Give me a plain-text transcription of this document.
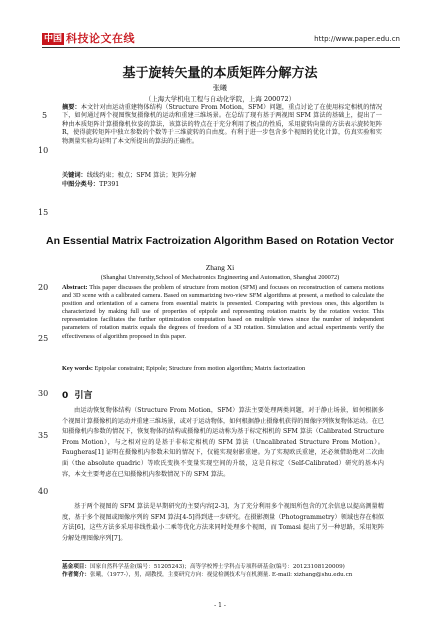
中国 科技论文在线	http://www.paper.edu.cn
基于旋转矢量的本质矩阵分解方法
张曦
（上海大学机电工程与自动化学院，上海 200072）
5
10
摘要：本文针对由运动重建物体结构（Structure From Motion，SFM）问题，重点讨论了在使用标定相机的情况下，如何通过两个视图恢复摄像机的运动和重建三维场景。在总结了现有基于两视图 SFM 算法的基础上，提出了一种由本质矩阵计算摄像机位姿的算法，该算法的特点在于充分利用了极点的性质，采用旋转向量的方法表示旋转矩阵 R，使得旋转矩阵中独立参数的个数等于三维旋转的自由度。有利于进一步包含多个视图的优化计算，仿真实验和实物测量实验均证明了本文所提出的算法的正确性。
关键词：线线约束；极点；SFM 算法；矩阵分解
中图分类号：TP391
15
An Essential Matrix Factroization Algorithm Based on Rotation Vector
Zhang Xi
(Shanghai University,School of Mechatronics Engineering and Automation, Shanghai 200072)
20
25
Abstract: This paper discusses the problem of structure from motion (SFM) and focuses on reconstruction of camera motions and 3D scene with a calibrated camera. Based on summarizing two-view SFM algorithms at present, a method to calculate the position and orientation of a camera from essential matrix is presented. Comparing with previous ones, this algorithm is characterized by making full use of properties of epipole and representing rotation matrix by the rotation vector. This representation facilitates the further optimization computation based on multiple views since the number of independent parameters of rotation matrix equals the degrees of freedom of a 3D rotation. Simulation and actual experiments verify the effectiveness of algorithm proposed in this paper.
Key words: Epipolar constraint; Epipole; Structure from motion algorithm; Matrix factorization
30 0 引言
由运动恢复物体结构（Structure From Motion，SFM）算法主要处理两类问题，对于静止场景，如何根据多个视图计算摄像机的运动并重建三维场景，或对于运动物体，如何根据静止摄像机获得的图像序列恢复物体运动。在已知摄像机内参数的情况下，恢复物体的结构或摄像机的运动称为基于标定相机的 SFM 算法（Calibrated Structure From Motion），与之相对应的是基于非标定相机的 SFM 算法（Uncalibrated Structure From Motion）。Faugheras[1] 证明在摄像机内参数未知的情况下，仅能实现射影重建。为了实现欧氏重建，还必须借助绝对二次曲面（the absolute quadric）等欧氏变换不变量实现空间的升级，这是自标定（Self-Calibrated）研究的基本内容，本文主要考虑在已知摄像机内参数情况下的 SFM 算法。
35
40
基于两个视图的 SFM 算法是早期研究的主要内容[2-3]，为了充分利用多个视图所包含的冗余信息以提高测量精度，基于多个视图或图像序列的 SFM 算法[4-5]得到进一步研究。在摄影测量（Photogrammetry）领域也存在相似方法[6]，这些方法多采用非线性最小二乘等优化方法来同时处理多个视图，而 Tomasi 提出了另一种思路，采用矩阵分解处理图像序列[7]。
基金项目：国家自然科学基金(编号：51205243)；高等学校博士学科点专项科研基金(编号：20123108120009)
作者简介：张曦，（1977-），男，副教授，主要研究方向：视觉检测技术与在机测量. E-mail: xizhang@shu.edu.cn
- 1 -
